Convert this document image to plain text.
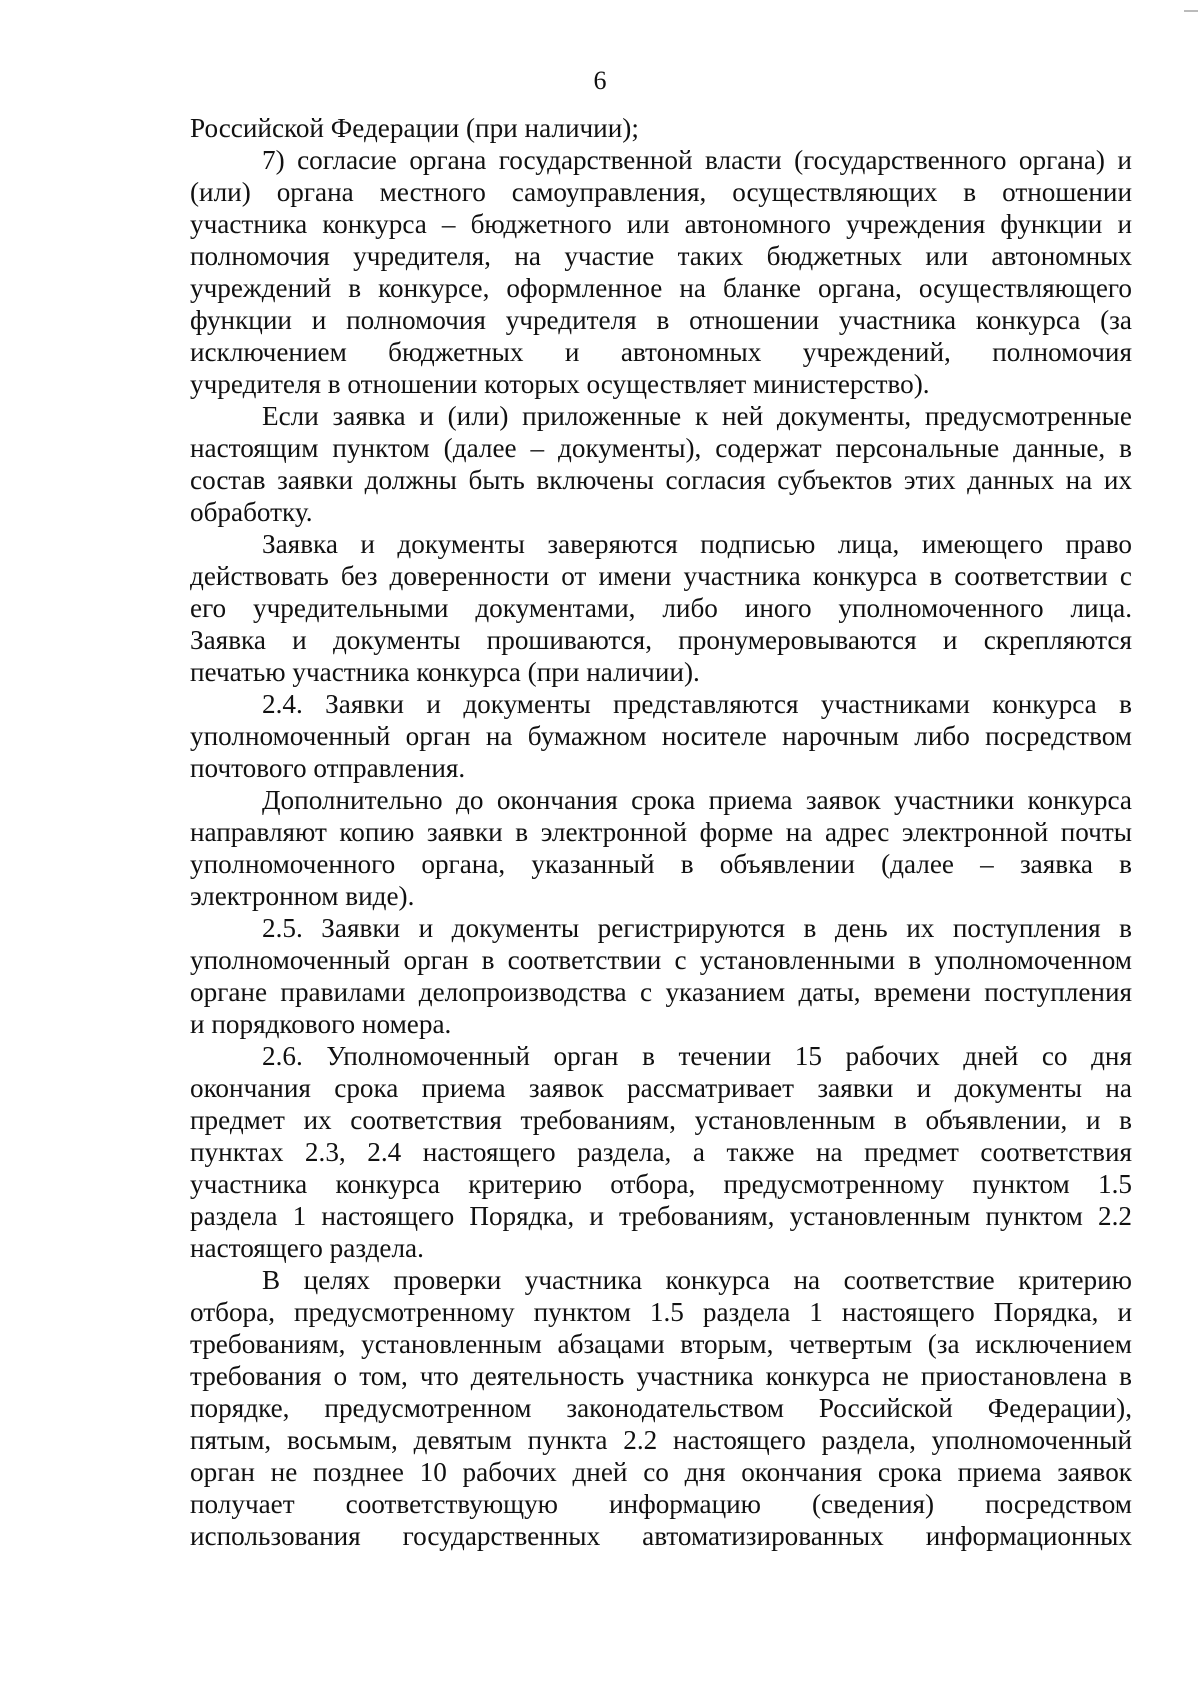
6
Российской Федерации (при наличии);
7) согласие органа государственной власти (государственного органа) и
(или) органа местного самоуправления, осуществляющих в отношении
участника конкурса – бюджетного или автономного учреждения функции и
полномочия учредителя, на участие таких бюджетных или автономных
учреждений в конкурсе, оформленное на бланке органа, осуществляющего
функции и полномочия учредителя в отношении участника конкурса (за
исключением бюджетных и автономных учреждений, полномочия
учредителя в отношении которых осуществляет министерство).
Если заявка и (или) приложенные к ней документы, предусмотренные
настоящим пунктом (далее – документы), содержат персональные данные, в
состав заявки должны быть включены согласия субъектов этих данных на их
обработку.
Заявка и документы заверяются подписью лица, имеющего право
действовать без доверенности от имени участника конкурса в соответствии с
его учредительными документами, либо иного уполномоченного лица.
Заявка и документы прошиваются, пронумеровываются и скрепляются
печатью участника конкурса (при наличии).
2.4. Заявки и документы представляются участниками конкурса в
уполномоченный орган на бумажном носителе нарочным либо посредством
почтового отправления.
Дополнительно до окончания срока приема заявок участники конкурса
направляют копию заявки в электронной форме на адрес электронной почты
уполномоченного органа, указанный в объявлении (далее – заявка в
электронном виде).
2.5. Заявки и документы регистрируются в день их поступления в
уполномоченный орган в соответствии с установленными в уполномоченном
органе правилами делопроизводства с указанием даты, времени поступления
и порядкового номера.
2.6. Уполномоченный орган в течении 15 рабочих дней со дня
окончания срока приема заявок рассматривает заявки и документы на
предмет их соответствия требованиям, установленным в объявлении, и в
пунктах 2.3, 2.4 настоящего раздела, а также на предмет соответствия
участника конкурса критерию отбора, предусмотренному пунктом 1.5
раздела 1 настоящего Порядка, и требованиям, установленным пунктом 2.2
настоящего раздела.
В целях проверки участника конкурса на соответствие критерию
отбора, предусмотренному пунктом 1.5 раздела 1 настоящего Порядка, и
требованиям, установленным абзацами вторым, четвертым (за исключением
требования о том, что деятельность участника конкурса не приостановлена в
порядке, предусмотренном законодательством Российской Федерации),
пятым, восьмым, девятым пункта 2.2 настоящего раздела, уполномоченный
орган не позднее 10 рабочих дней со дня окончания срока приема заявок
получает соответствующую информацию (сведения) посредством
использования государственных автоматизированных информационных
